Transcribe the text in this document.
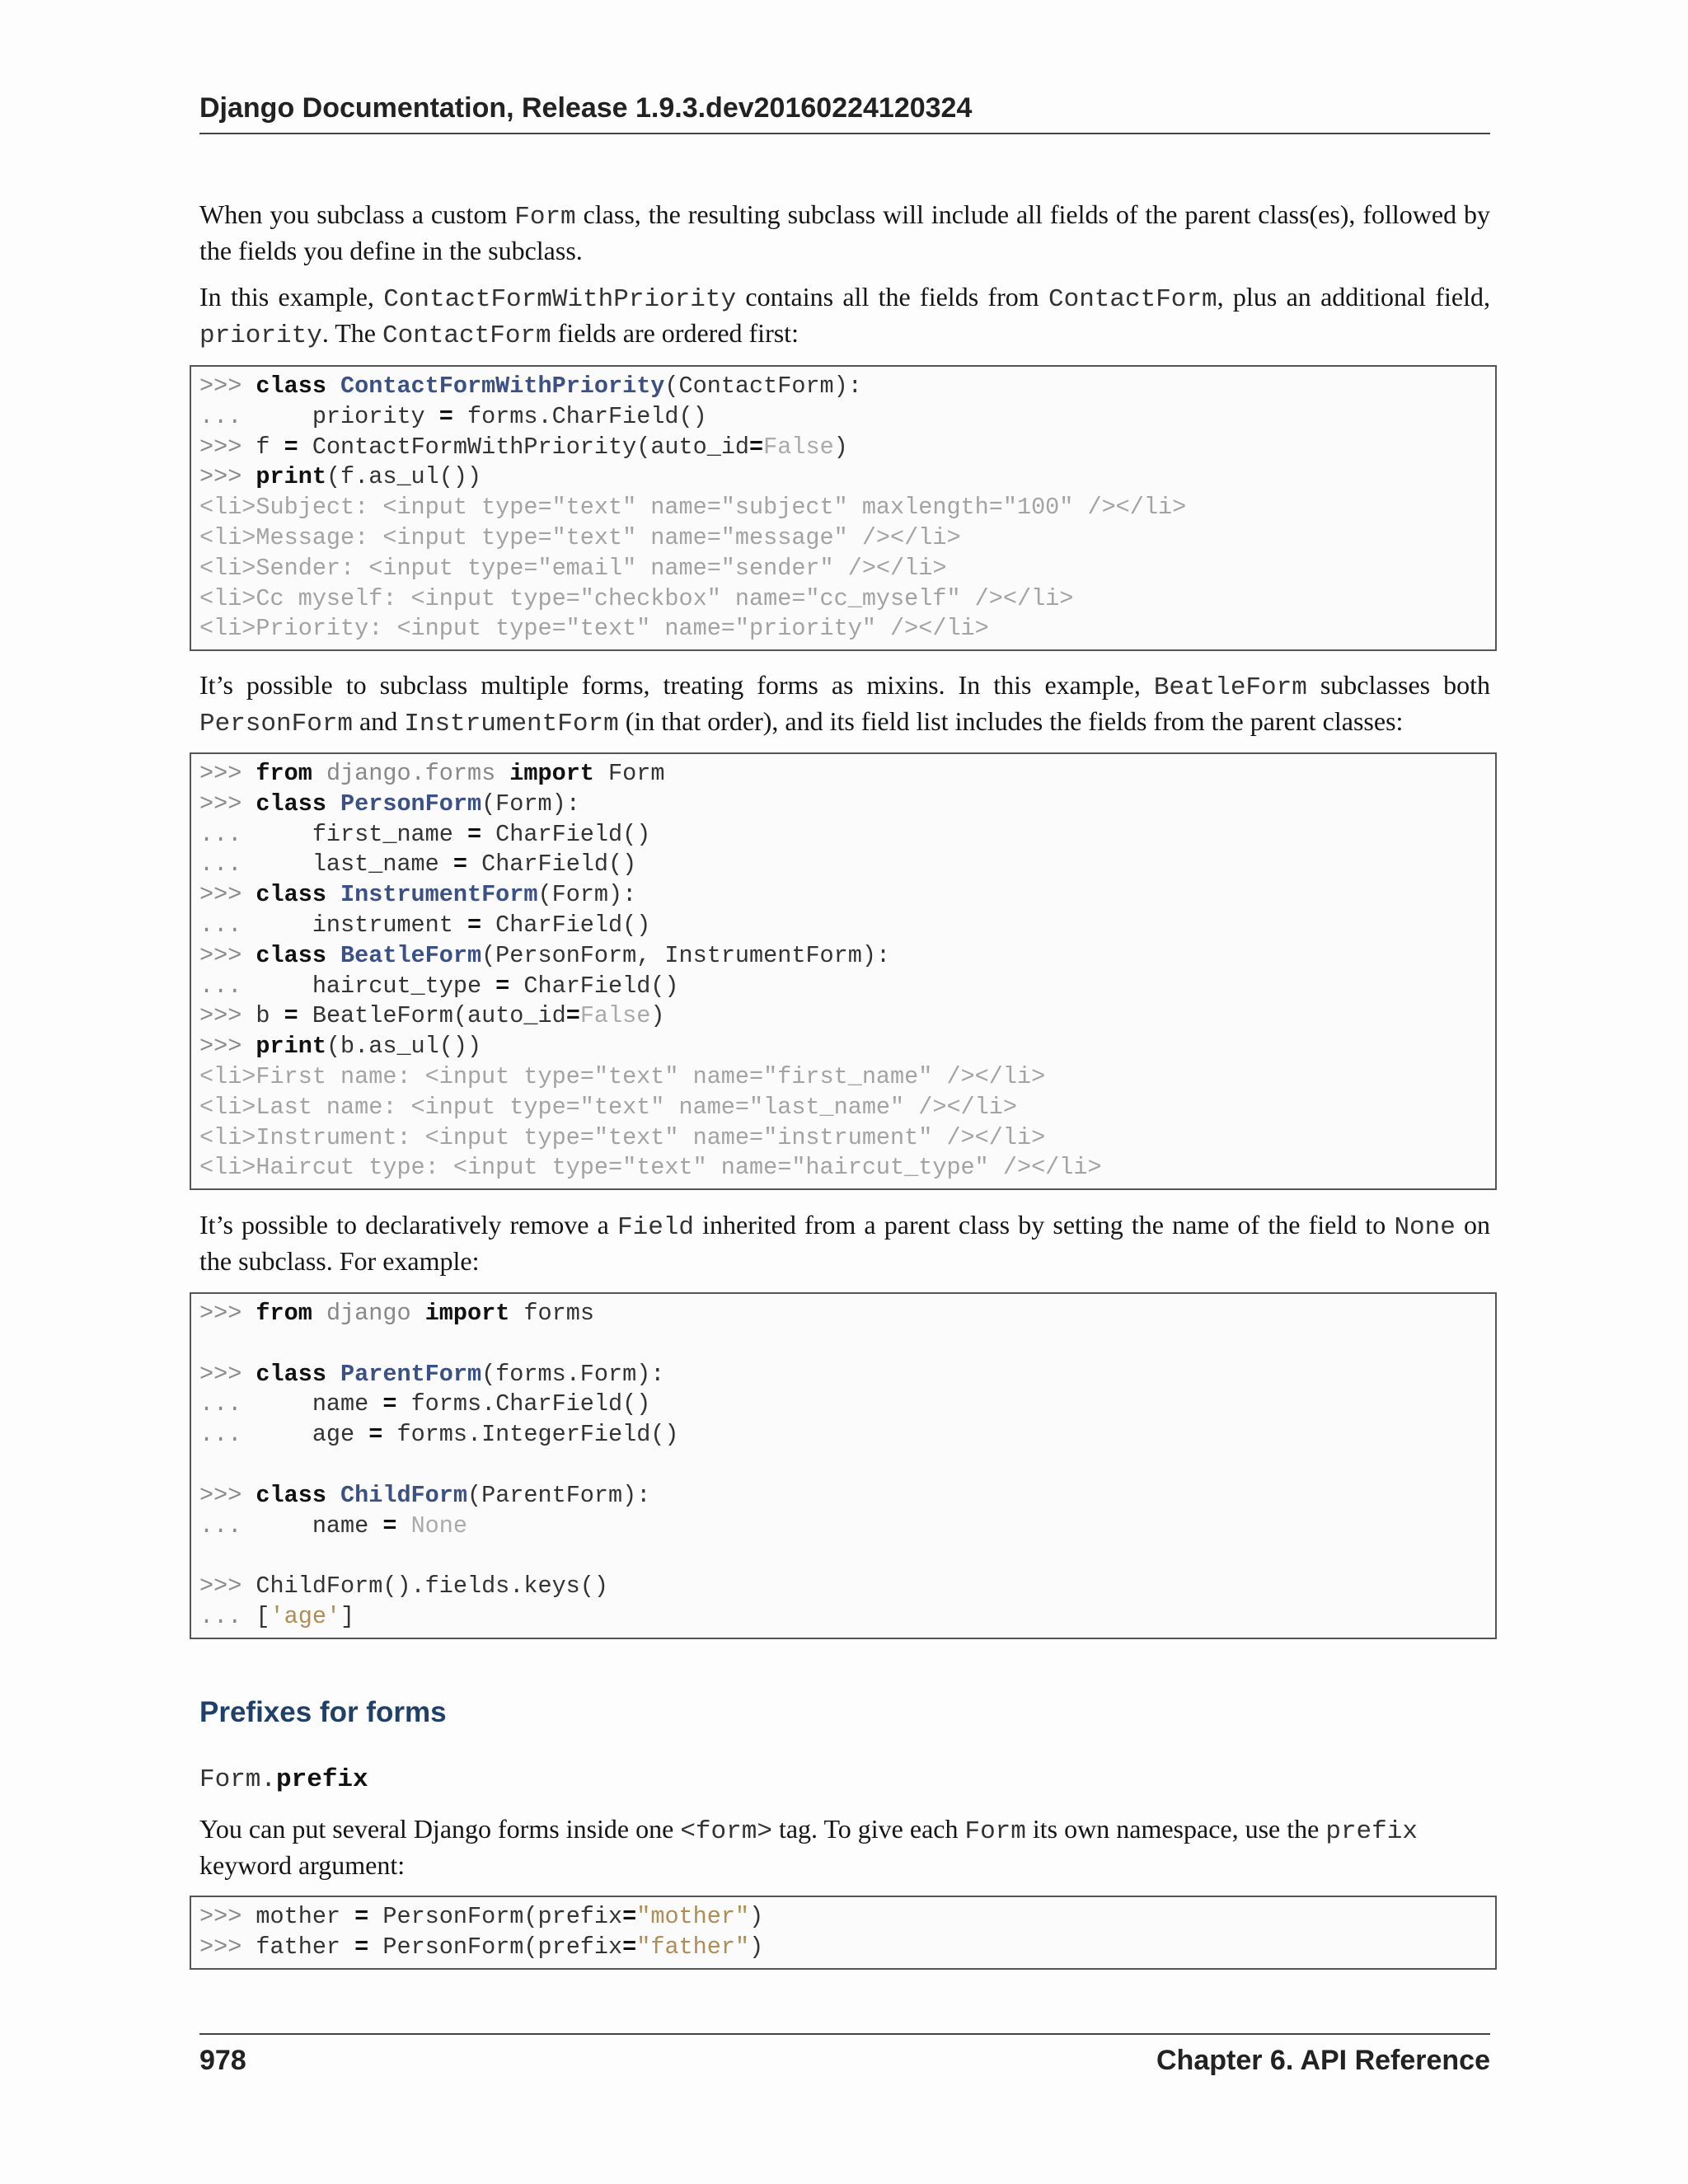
Django Documentation, Release 1.9.3.dev20160224120324

When you subclass a custom Form class, the resulting subclass will include all fields of the parent class(es), followed by the fields you define in the subclass.

In this example, ContactFormWithPriority contains all the fields from ContactForm, plus an additional field, priority. The ContactForm fields are ordered first:

>>> class ContactFormWithPriority(ContactForm):
...     priority = forms.CharField()
>>> f = ContactFormWithPriority(auto_id=False)
>>> print(f.as_ul())
<li>Subject: <input type="text" name="subject" maxlength="100" /></li>
<li>Message: <input type="text" name="message" /></li>
<li>Sender: <input type="email" name="sender" /></li>
<li>Cc myself: <input type="checkbox" name="cc_myself" /></li>
<li>Priority: <input type="text" name="priority" /></li>

It’s possible to subclass multiple forms, treating forms as mixins. In this example, BeatleForm subclasses both PersonForm and InstrumentForm (in that order), and its field list includes the fields from the parent classes:

>>> from django.forms import Form
>>> class PersonForm(Form):
...     first_name = CharField()
...     last_name = CharField()
>>> class InstrumentForm(Form):
...     instrument = CharField()
>>> class BeatleForm(PersonForm, InstrumentForm):
...     haircut_type = CharField()
>>> b = BeatleForm(auto_id=False)
>>> print(b.as_ul())
<li>First name: <input type="text" name="first_name" /></li>
<li>Last name: <input type="text" name="last_name" /></li>
<li>Instrument: <input type="text" name="instrument" /></li>
<li>Haircut type: <input type="text" name="haircut_type" /></li>

It’s possible to declaratively remove a Field inherited from a parent class by setting the name of the field to None on the subclass. For example:

>>> from django import forms

>>> class ParentForm(forms.Form):
...     name = forms.CharField()
...     age = forms.IntegerField()

>>> class ChildForm(ParentForm):
...     name = None

>>> ChildForm().fields.keys()
... ['age']
Prefixes for forms
Form.prefix

You can put several Django forms inside one <form> tag. To give each Form its own namespace, use the prefix keyword argument:

>>> mother = PersonForm(prefix="mother")
>>> father = PersonForm(prefix="father")
978	Chapter 6. API Reference
